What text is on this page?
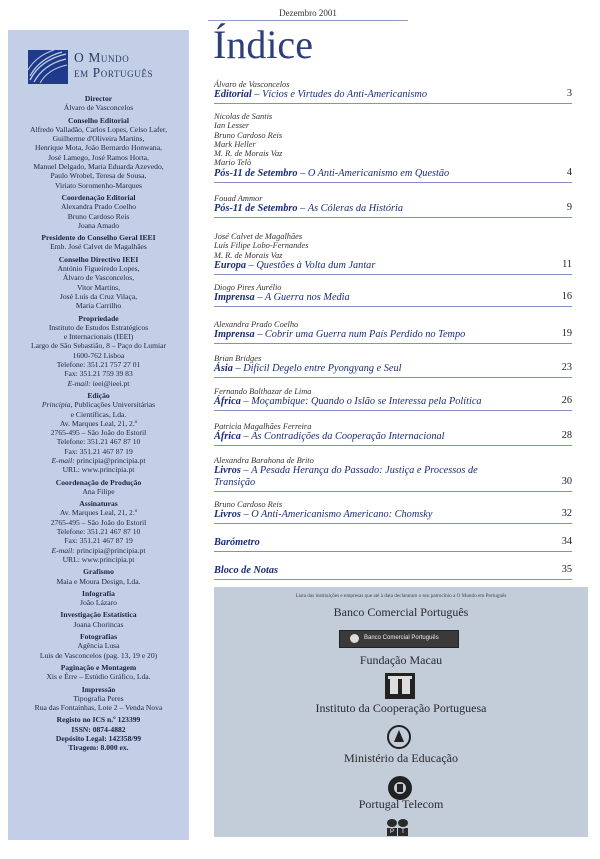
Dezembro 2001
O Mundo
em Português
Director
Álvaro de Vasconcelos
Conselho Editorial
Alfredo Valladão, Carlos Lopes, Celso Lafer,
Guilherme d'Oliveira Martins,
Henrique Mota, João Bernardo Honwana,
José Lamego, José Ramos Horta,
Manuel Delgado, Maria Eduarda Azevedo,
Paulo Wrobel, Teresa de Sousa,
Viriato Soromenho-Marques
Coordenação Editorial
Alexandra Prado Coelho
Bruno Cardoso Reis
Joana Amado
Presidente do Conselho Geral IEEI
Emb. José Calvet de Magalhães
Conselho Directivo IEEI
António Figueiredo Lopes,
Álvaro de Vasconcelos,
Vitor Martins,
José Luís da Cruz Vilaça,
Maria Carrilho
Propriedade
Instituto de Estudos Estratégicos
e Internacionais (IEEI)
Largo de São Sebastião, 8 – Paço do Lumiar
1600-762 Lisboa
Telefone: 351.21 757 27 01
Fax: 351.21 759 39 83
E-mail: ieei@ieei.pt
Edição
Principia, Publicações Universitárias
e Científicas, Lda.
Av. Marques Leal, 21, 2.º
2765-495 – São João do Estoril
Telefone: 351.21 467 87 10
Fax: 351.21 467 87 19
E-mail: principia@principia.pt
URL: www.principia.pt
Coordenação de Produção
Ana Filipe
Assinaturas
Av. Marques Leal, 21, 2.º
2765-495 – São João do Estoril
Telefone: 351.21 467 87 10
Fax: 351.21 467 87 19
E-mail: principia@principia.pt
URL: www.principia.pt
Grafismo
Maia e Moura Design, Lda.
Infografia
João Lázaro
Investigação Estatística
Joana Chorincas
Fotografias
Agência Lusa
Luis de Vasconcelos (pag. 13, 19 e 20)
Paginação e Montagem
Xis e Érre – Estúdio Gráfico, Lda.
Impressão
Tipografia Peres
Rua das Fontainhas, Lote 2 – Venda Nova
Registo no ICS n.º 123399
ISSN: 0874-4882
Depósito Legal: 142358/99
Tiragem: 8.000 ex.
Índice
Álvaro de Vasconcelos
Editorial – Vícios e Virtudes do Anti-Americanismo	3
Nicolas de Santis
Ian Lesser
Bruno Cardoso Reis
Mark Heller
M. R. de Morais Vaz
Mario Telò
Pós-11 de Setembro – O Anti-Americanismo em Questão	4
Fouad Ammor
Pós-11 de Setembro – As Cóleras da História	9
José Calvet de Magalhães
Luís Filipe Lobo-Fernandes
M. R. de Morais Vaz
Europa – Questões à Volta dum Jantar	11
Diogo Pires Aurélio
Imprensa – A Guerra nos Media	16
Alexandra Prado Coelho
Imprensa – Cobrir uma Guerra num País Perdido no Tempo	19
Brian Bridges
Ásia – Difícil Degelo entre Pyongyang e Seul	23
Fernando Balthazar de Lima
África – Moçambique: Quando o Islão se Interessa pela Política	26
Patricia Magalhães Ferreira
África – As Contradições da Cooperação Internacional	28
Alexandra Barahona de Brito
Livros – A Pesada Herança do Passado: Justiça e Processos de Transição	30
Bruno Cardoso Reis
Livros – O Anti-Americanismo Americano: Chomsky	32
Barómetro	34
Bloco de Notas	35
Lista das instituições e empresas que até à data declararam o seu patrocínio a O Mundo em Português
Banco Comercial Português
Banco Comercial Português
Fundação Macau
Instituto da Cooperação Portuguesa
Ministério da Educação
Portugal Telecom
P	T
